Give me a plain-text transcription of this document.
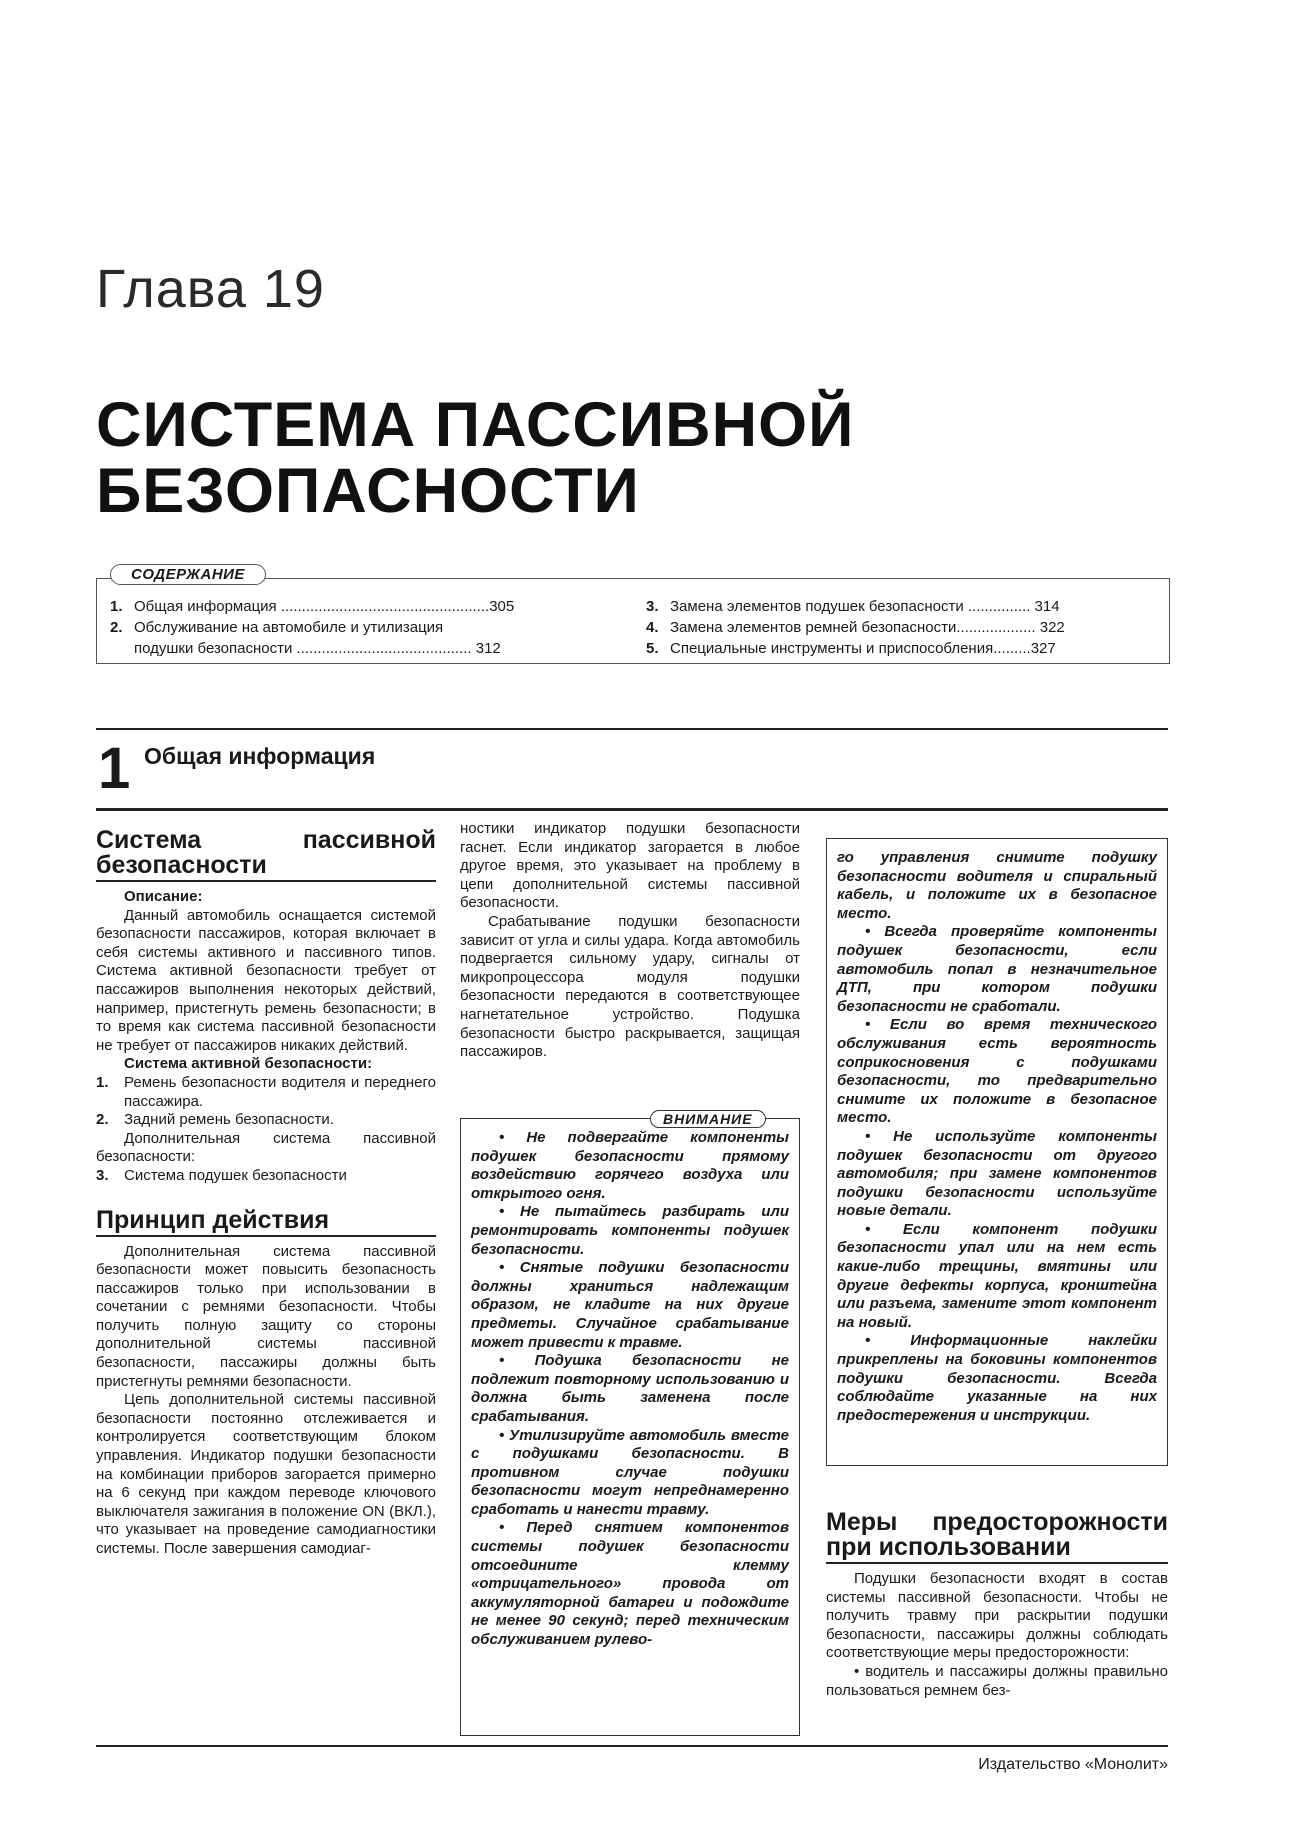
Глава 19
СИСТЕМА ПАССИВНОЙ
БЕЗОПАСНОСТИ
СОДЕРЖАНИЕ
1. Общая информация ..................................................305
2. Обслуживание на автомобиле и утилизация
подушки безопасности .......................................... 312
3. Замена элементов подушек безопасности ............... 314
4. Замена элементов ремней безопасности................... 322
5. Специальные инструменты и приспособления.........327
1 Общая информация
Система пассивной безопасности

Описание:

Данный автомобиль оснащается системой безопасности пассажиров, которая включает в себя системы активного и пассивного типов. Система активной безопасности требует от пассажиров выполнения некоторых действий, например, пристегнуть ремень безопасности; в то время как система пассивной безопасности не требует от пассажиров никаких действий.

Система активной безопасности:

1.	Ремень безопасности водителя и переднего пассажира.
2.	Задний ремень безопасности.

Дополнительная система пассивной безопасности:

3.	Система подушек безопасности
Принцип действия

Дополнительная система пассивной безопасности может повысить безопасность пассажиров только при использовании в сочетании с ремнями безопасности. Чтобы получить полную защиту со стороны дополнительной системы пассивной безопасности, пассажиры должны быть пристегнуты ремнями безопасности.

Цепь дополнительной системы пассивной безопасности постоянно отслеживается и контролируется соответствующим блоком управления. Индикатор подушки безопасности на комбинации приборов загорается примерно на 6 секунд при каждом переводе ключового выключателя зажигания в положение ON (ВКЛ.), что указывает на проведение самодиагностики системы. После завершения самодиаг-

ностики индикатор подушки безопасности гаснет. Если индикатор загорается в любое другое время, это указывает на проблему в цепи дополнительной системы пассивной безопасности.

Срабатывание подушки безопасности зависит от угла и силы удара. Когда автомобиль подвергается сильному удару, сигналы от микропроцессора модуля подушки безопасности передаются в соответствующее нагнетательное устройство. Подушка безопасности быстро раскрывается, защищая пассажиров.

• Не подвергайте компоненты подушек безопасности прямому воздействию горячего воздуха или открытого огня.

• Не пытайтесь разбирать или ремонтировать компоненты подушек безопасности.

• Снятые подушки безопасности должны храниться надлежащим образом, не кладите на них другие предметы. Случайное срабатывание может привести к травме.

• Подушка безопасности не подлежит повторному использованию и должна быть заменена после срабатывания.

• Утилизируйте автомобиль вместе с подушками безопасности. В противном случае подушки безопасности могут непреднамеренно сработать и нанести травму.

• Перед снятием компонентов системы подушек безопасности отсоедините клемму «отрицательного» провода от аккумуляторной батареи и подождите не менее 90 секунд; перед техническим обслуживанием рулево-

ВНИМАНИЕ

го управления снимите подушку безопасности водителя и спиральный кабель, и положите их в безопасное место.

• Всегда проверяйте компоненты подушек безопасности, если автомобиль попал в незначительное ДТП, при котором подушки безопасности не сработали.

• Если во время технического обслуживания есть вероятность соприкосновения с подушками безопасности, то предварительно снимите их положите в безопасное место.

• Не используйте компоненты подушек безопасности от другого автомобиля; при замене компонентов подушки безопасности используйте новые детали.

• Если компонент подушки безопасности упал или на нем есть какие-либо трещины, вмятины или другие дефекты корпуса, кронштейна или разъема, замените этот компонент на новый.

• Информационные наклейки прикреплены на боковины компонентов подушки безопасности. Всегда соблюдайте указанные на них предостережения и инструкции.

Меры предосторожности при использовании

Подушки безопасности входят в состав системы пассивной безопасности. Чтобы не получить травму при раскрытии подушки безопасности, пассажиры должны соблюдать соответствующие меры предосторожности:

• водитель и пассажиры должны правильно пользоваться ремнем без-

Издательство «Монолит»
